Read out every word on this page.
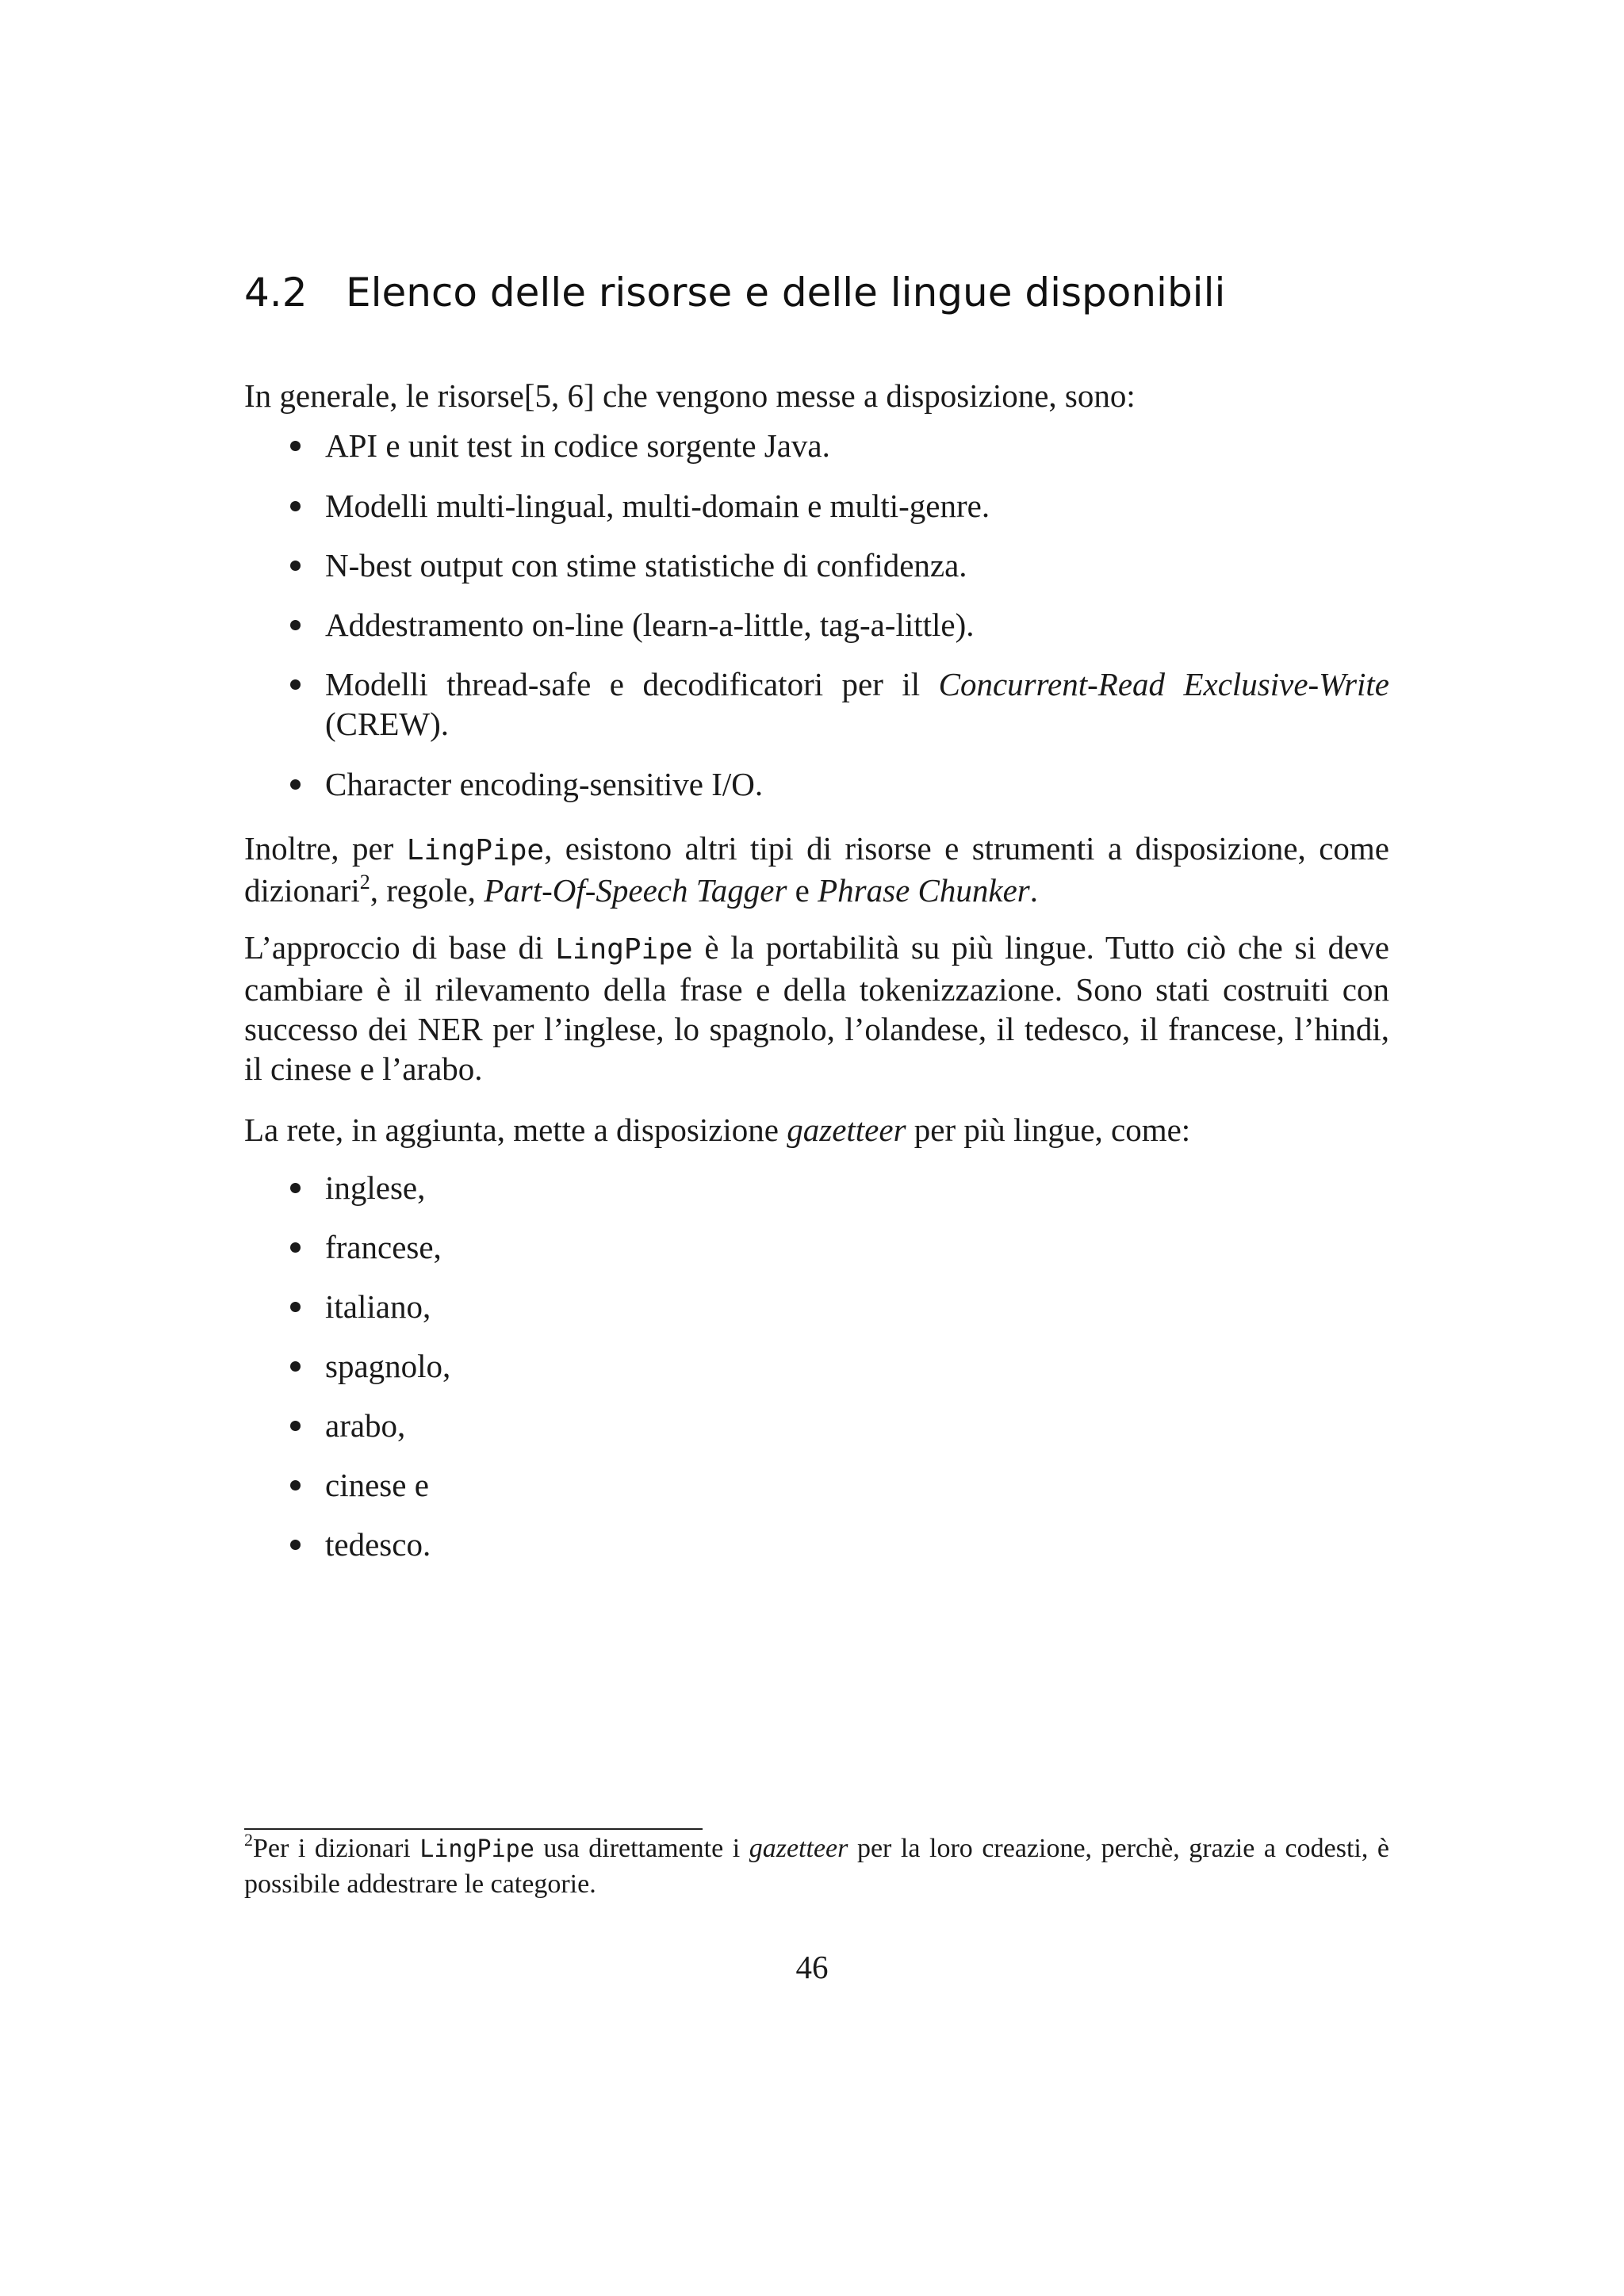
4.2 Elenco delle risorse e delle lingue disponibili

In generale, le risorse[5, 6] che vengono messe a disposizione, sono:

API e unit test in codice sorgente Java.
Modelli multi-lingual, multi-domain e multi-genre.
N-best output con stime statistiche di confidenza.
Addestramento on-line (learn-a-little, tag-a-little).
Modelli thread-safe e decodificatori per il Concurrent-Read Exclusive-Write (CREW).
Character encoding-sensitive I/O.

Inoltre, per LingPipe, esistono altri tipi di risorse e strumenti a disposizione, come dizionari$^2$, regole, Part-Of-Speech Tagger e Phrase Chunker.

L’approccio di base di LingPipe è la portabilità su più lingue. Tutto ciò che si deve cambiare è il rilevamento della frase e della tokenizzazione. Sono stati costruiti con successo dei NER per l’inglese, lo spagnolo, l’olandese, il tedesco, il francese, l’hindi, il cinese e l’arabo.

La rete, in aggiunta, mette a disposizione gazetteer per più lingue, come:

inglese,
francese,
italiano,
spagnolo,
arabo,
cinese e
tedesco.

$^2$Per i dizionari LingPipe usa direttamente i gazetteer per la loro creazione, perchè, grazie a codesti, è possibile addestrare le categorie.

46
